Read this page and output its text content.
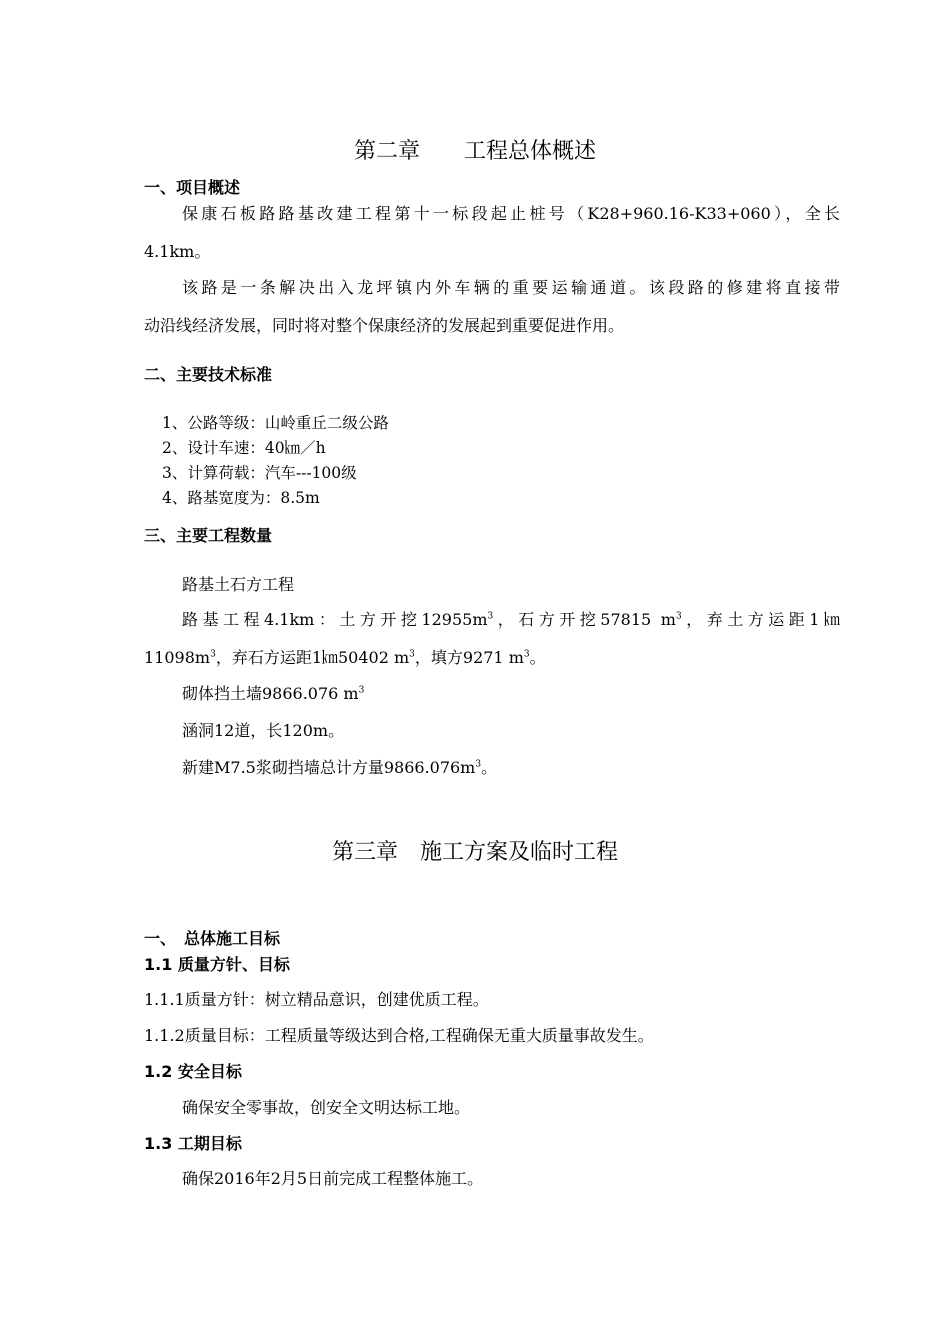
第二章　　工程总体概述
一、项目概述
保康石板路路基改建工程第十一标段起止桩号（K28+960.16-K33+060），全长
4.1km。
该路是一条解决出入龙坪镇内外车辆的重要运输通道。该段路的修建将直接带
动沿线经济发展，同时将对整个保康经济的发展起到重要促进作用。
二、主要技术标准
1、公路等级：山岭重丘二级公路
2、设计车速：40㎞／h
3、计算荷载：汽车---100级
4、路基宽度为：8.5m
三、主要工程数量
路基土石方工程
路基工程4.1km：土方开挖$12955m^3$，石方开挖57815 $m^3$，弃土方运距1㎞
$11098m^3$，弃石方运距1㎞50402 $m^3$，填方9271 $m^3$。
砌体挡土墙9866.076 $m^3$
涵洞12道，长120m。
新建M7.5浆砌挡墙总计方量$9866.076m^3$。
第三章　施工方案及临时工程
一、　总体施工目标
1.1 质量方针、目标
1.1.1质量方针：树立精品意识，创建优质工程。
1.1.2质量目标：工程质量等级达到合格,工程确保无重大质量事故发生。
1.2 安全目标
确保安全零事故，创安全文明达标工地。
1.3 工期目标
确保2016年2月5日前完成工程整体施工。
